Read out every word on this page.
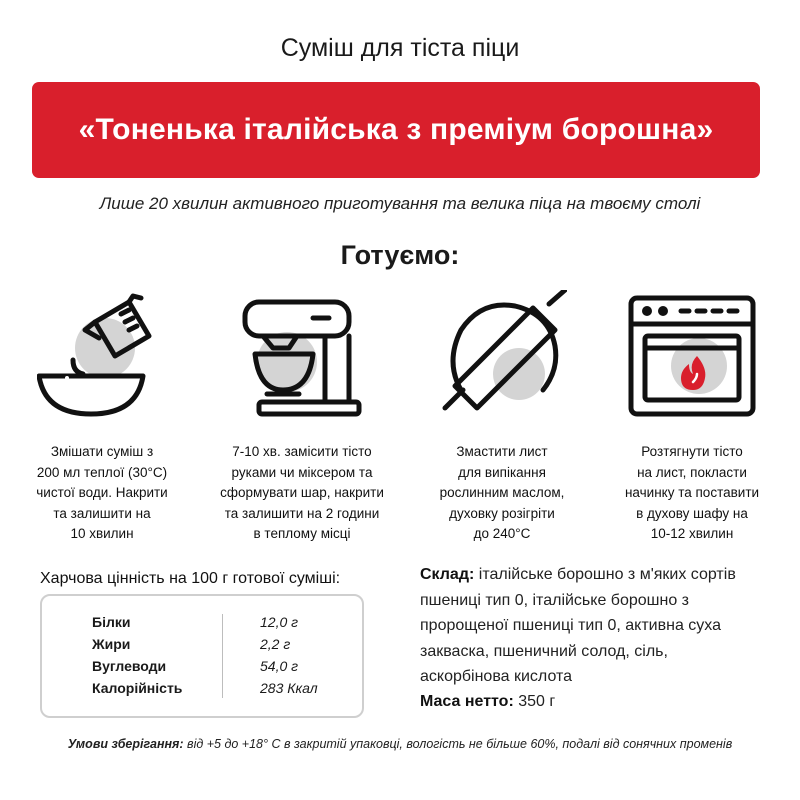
Суміш для тіста піци
«Тоненька італійська з преміум борошна»
Лише 20 хвилин активного приготування та велика піца на твоєму столі
Готуємо:
Змішати суміш з
200 мл теплої (30°C)
чистої води. Накрити
та залишити на
10 хвилин
7-10 хв. замісити тісто
руками чи міксером та
сформувати шар, накрити
та залишити на 2 години
в теплому місці
Змастити лист
для випікання
рослинним маслом,
духовку розігріти
до 240°C
Розтягнути тісто
на лист, покласти
начинку та поставити
в духову шафу на
10-12 хвилин
Харчова цінність на 100 г готової суміші:
Білки	12,0 г
Жири	2,2 г
Вуглеводи	54,0 г
Калорійність	283 Ккал
Склад: італійське борошно з м'яких сортів
пшениці тип 0, італійське борошно з
пророщеної пшениці тип 0, активна суха
закваска, пшеничний солод, сіль,
аскорбінова кислота
Маса нетто: 350 г
Умови зберігання: від +5 до +18° С в закритій упаковці, вологість не більше 60%, подалі від сонячних променів
